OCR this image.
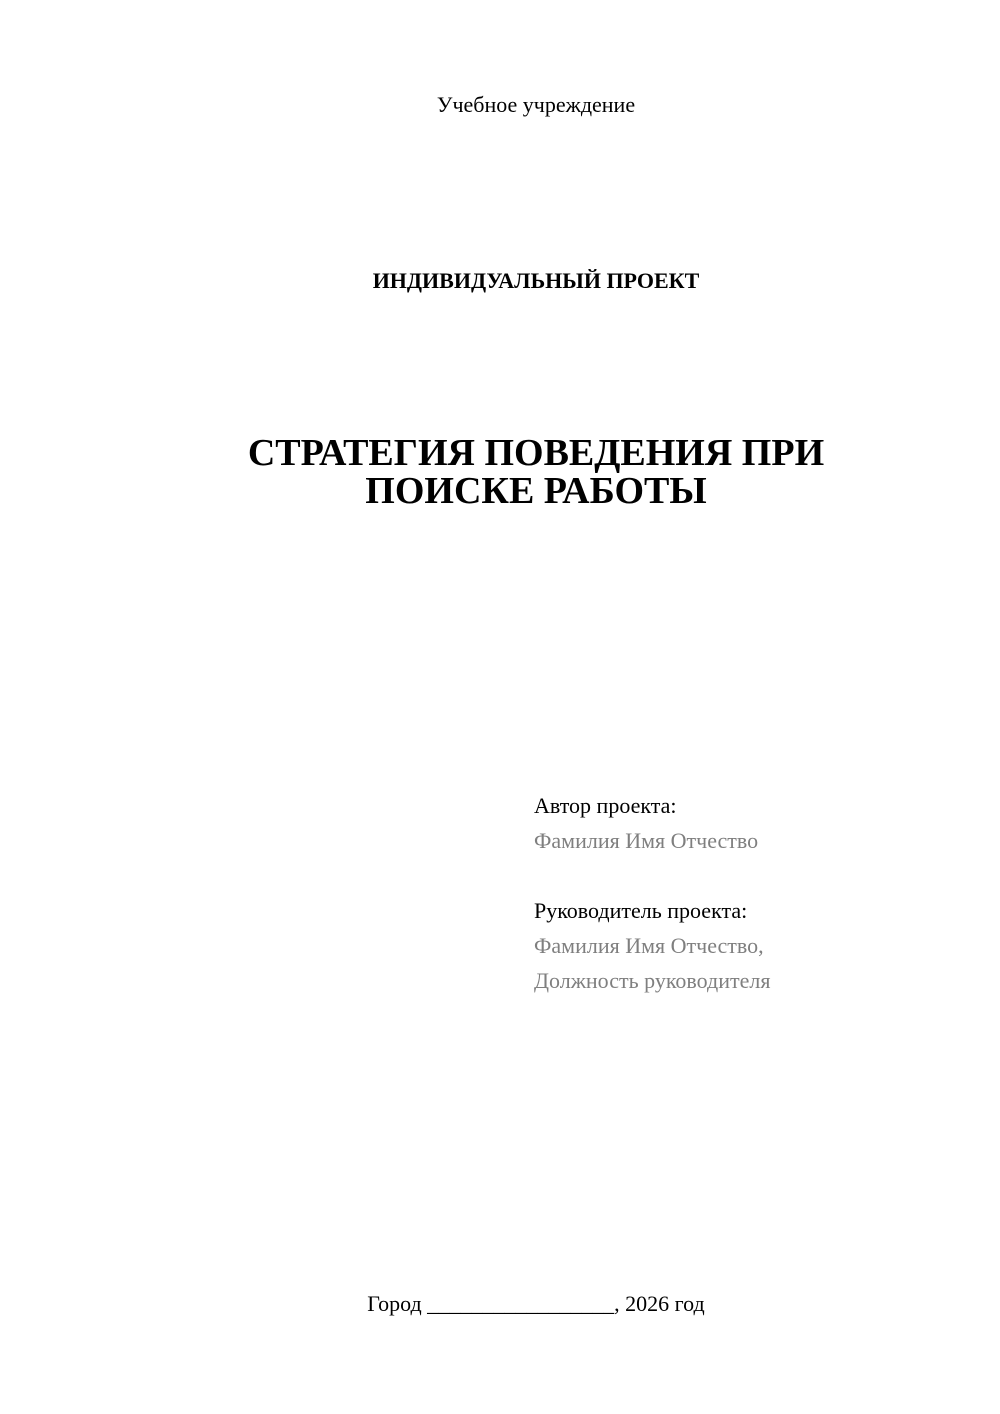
Учебное учреждение
ИНДИВИДУАЛЬНЫЙ ПРОЕКТ
СТРАТЕГИЯ ПОВЕДЕНИЯ ПРИ
ПОИСКЕ РАБОТЫ
Автор проекта:
Фамилия Имя Отчество
Руководитель проекта:
Фамилия Имя Отчество,
Должность руководителя
Город _________________, 2026 год
